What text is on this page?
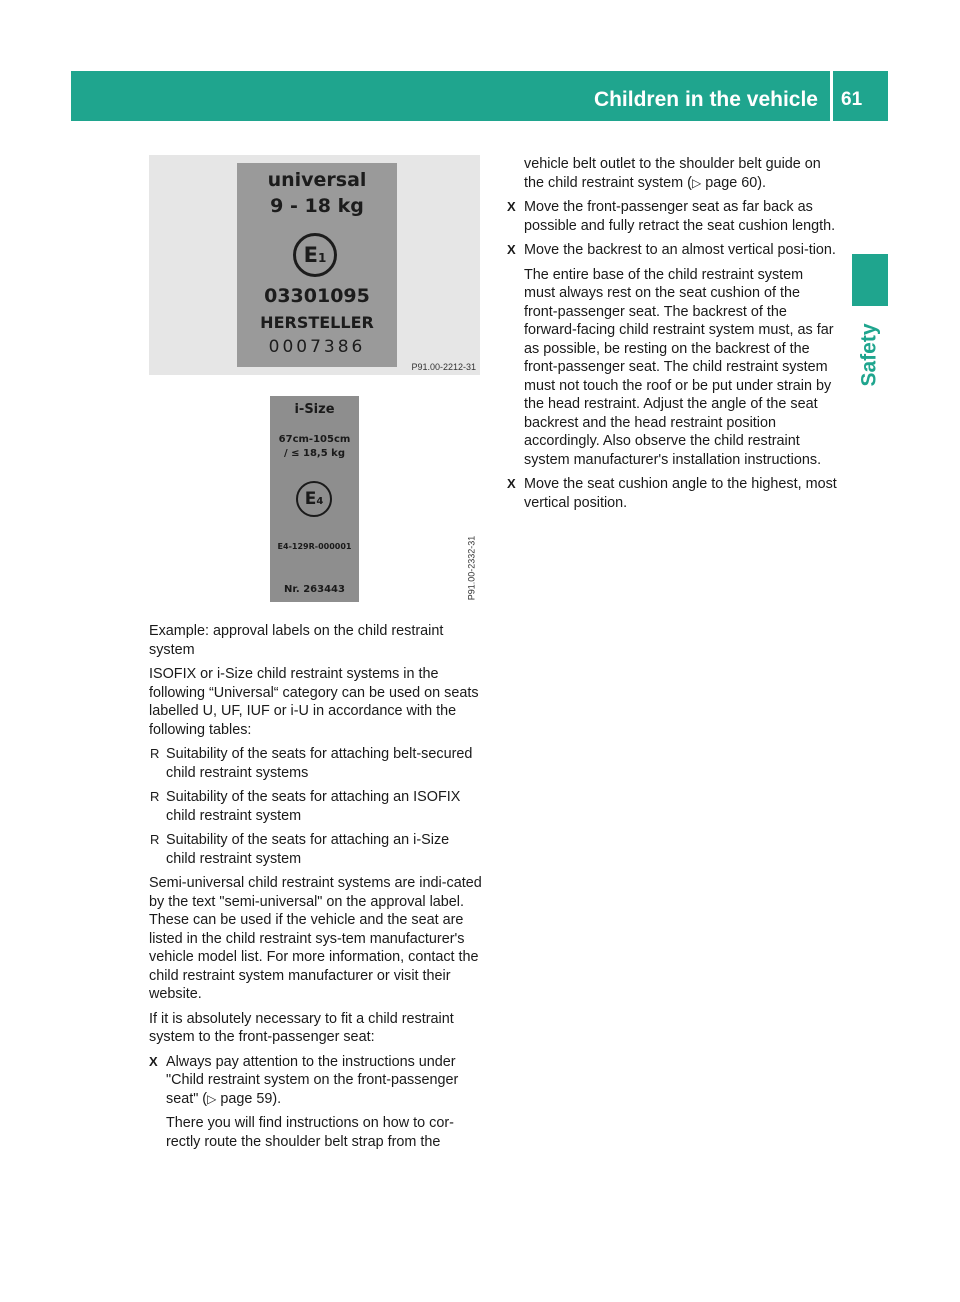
Children in the vehicle 61
Safety
universal
9 - 18 kg
E1
03301095
HERSTELLER
0007386
P91.00-2212-31
i-Size
67cm-105cm
/ ≤ 18,5 kg
E4
E4-129R-000001
Nr. 263443	P91.00-2332-31

Example: approval labels on the child restraint system

ISOFIX or i-Size child restraint systems in the following “Universal“ category can be used on seats labelled U, UF, IUF or i-U in accordance with the following tables:

R Suitability of the seats for attaching belt-secured child restraint systems
R Suitability of the seats for attaching an ISOFIX child restraint system
R Suitability of the seats for attaching an i-Size child restraint system

Semi-universal child restraint systems are indi-cated by the text "semi-universal" on the approval label. These can be used if the vehicle and the seat are listed in the child restraint sys-tem manufacturer's vehicle model list. For more information, contact the child restraint system manufacturer or visit their website.

If it is absolutely necessary to fit a child restraint system to the front-passenger seat:

X Always pay attention to the instructions under "Child restraint system on the front-passenger seat" (▷ page 59).

There you will find instructions on how to cor-rectly route the shoulder belt strap from the

vehicle belt outlet to the shoulder belt guide on the child restraint system (▷ page 60).

X Move the front-passenger seat as far back as possible and fully retract the seat cushion length.
X Move the backrest to an almost vertical posi-tion.

The entire base of the child restraint system must always rest on the seat cushion of the front-passenger seat. The backrest of the forward-facing child restraint system must, as far as possible, be resting on the backrest of the front-passenger seat. The child restraint system must not touch the roof or be put under strain by the head restraint. Adjust the angle of the seat backrest and the head restraint position accordingly. Also observe the child restraint system manufacturer's installation instructions.

X Move the seat cushion angle to the highest, most vertical position.
